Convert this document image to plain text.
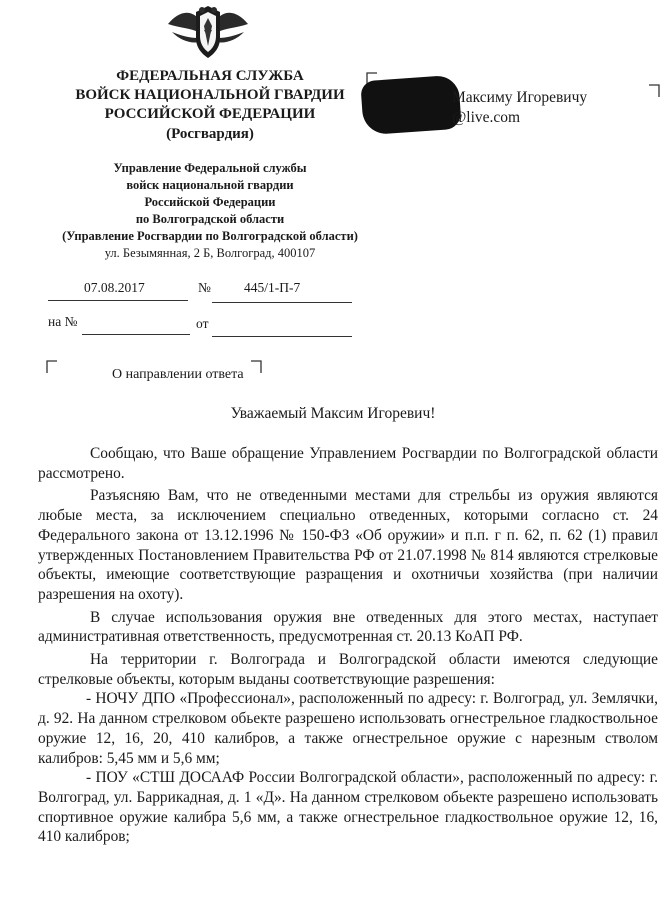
ФЕДЕРАЛЬНАЯ СЛУЖБА
ВОЙСК НАЦИОНАЛЬНОЙ ГВАРДИИ
РОССИЙСКОЙ ФЕДЕРАЦИИ
(Росгвардия)
Управление Федеральной службы
войск национальной гвардии
Российской Федерации
по Волгоградской области
(Управление Росгвардии по Волгоградской области)
ул. Безымянная, 2 Б, Волгоград, 400107
07.08.2017	№ 445/1-П-7
на №	от
Максиму Игоревичу
@live.com
О направлении ответа
Уважаемый Максим Игоревич!

Сообщаю, что Ваше обращение Управлением Росгвардии по Волгоградской области рассмотрено.

Разъясняю Вам, что не отведенными местами для стрельбы из оружия являются любые места, за исключением специально отведенных, которыми согласно ст. 24 Федерального закона от 13.12.1996 № 150-ФЗ «Об оружии» и п.п. г п. 62, п. 62 (1) правил утвержденных Постановлением Правительства РФ от 21.07.1998 № 814 являются стрелковые объекты, имеющие соответствующие разращения и охотничьи хозяйства (при наличии разрешения на охоту).

В случае использования оружия вне отведенных для этого местах, наступает административная ответственность, предусмотренная ст. 20.13 КоАП РФ.

На территории г. Волгограда и Волгоградской области имеются следующие стрелковые объекты, которым выданы соответствующие разрешения:

- НОЧУ ДПО «Профессионал», расположенный по адресу: г. Волгоград, ул. Землячки, д. 92. На данном стрелковом обьекте разрешено использовать огнестрельное гладкоствольное оружие 12, 16, 20, 410 калибров, а также огнестрельное оружие с нарезным стволом калибров: 5,45 мм и 5,6 мм;

- ПОУ «СТШ ДОСААФ России Волгоградской области», расположенный по адресу: г. Волгоград, ул. Баррикадная, д. 1 «Д». На данном стрелковом обьекте разрешено использовать спортивное оружие калибра 5,6 мм, а также огнестрельное гладкоствольное оружие 12, 16, 410 калибров;
